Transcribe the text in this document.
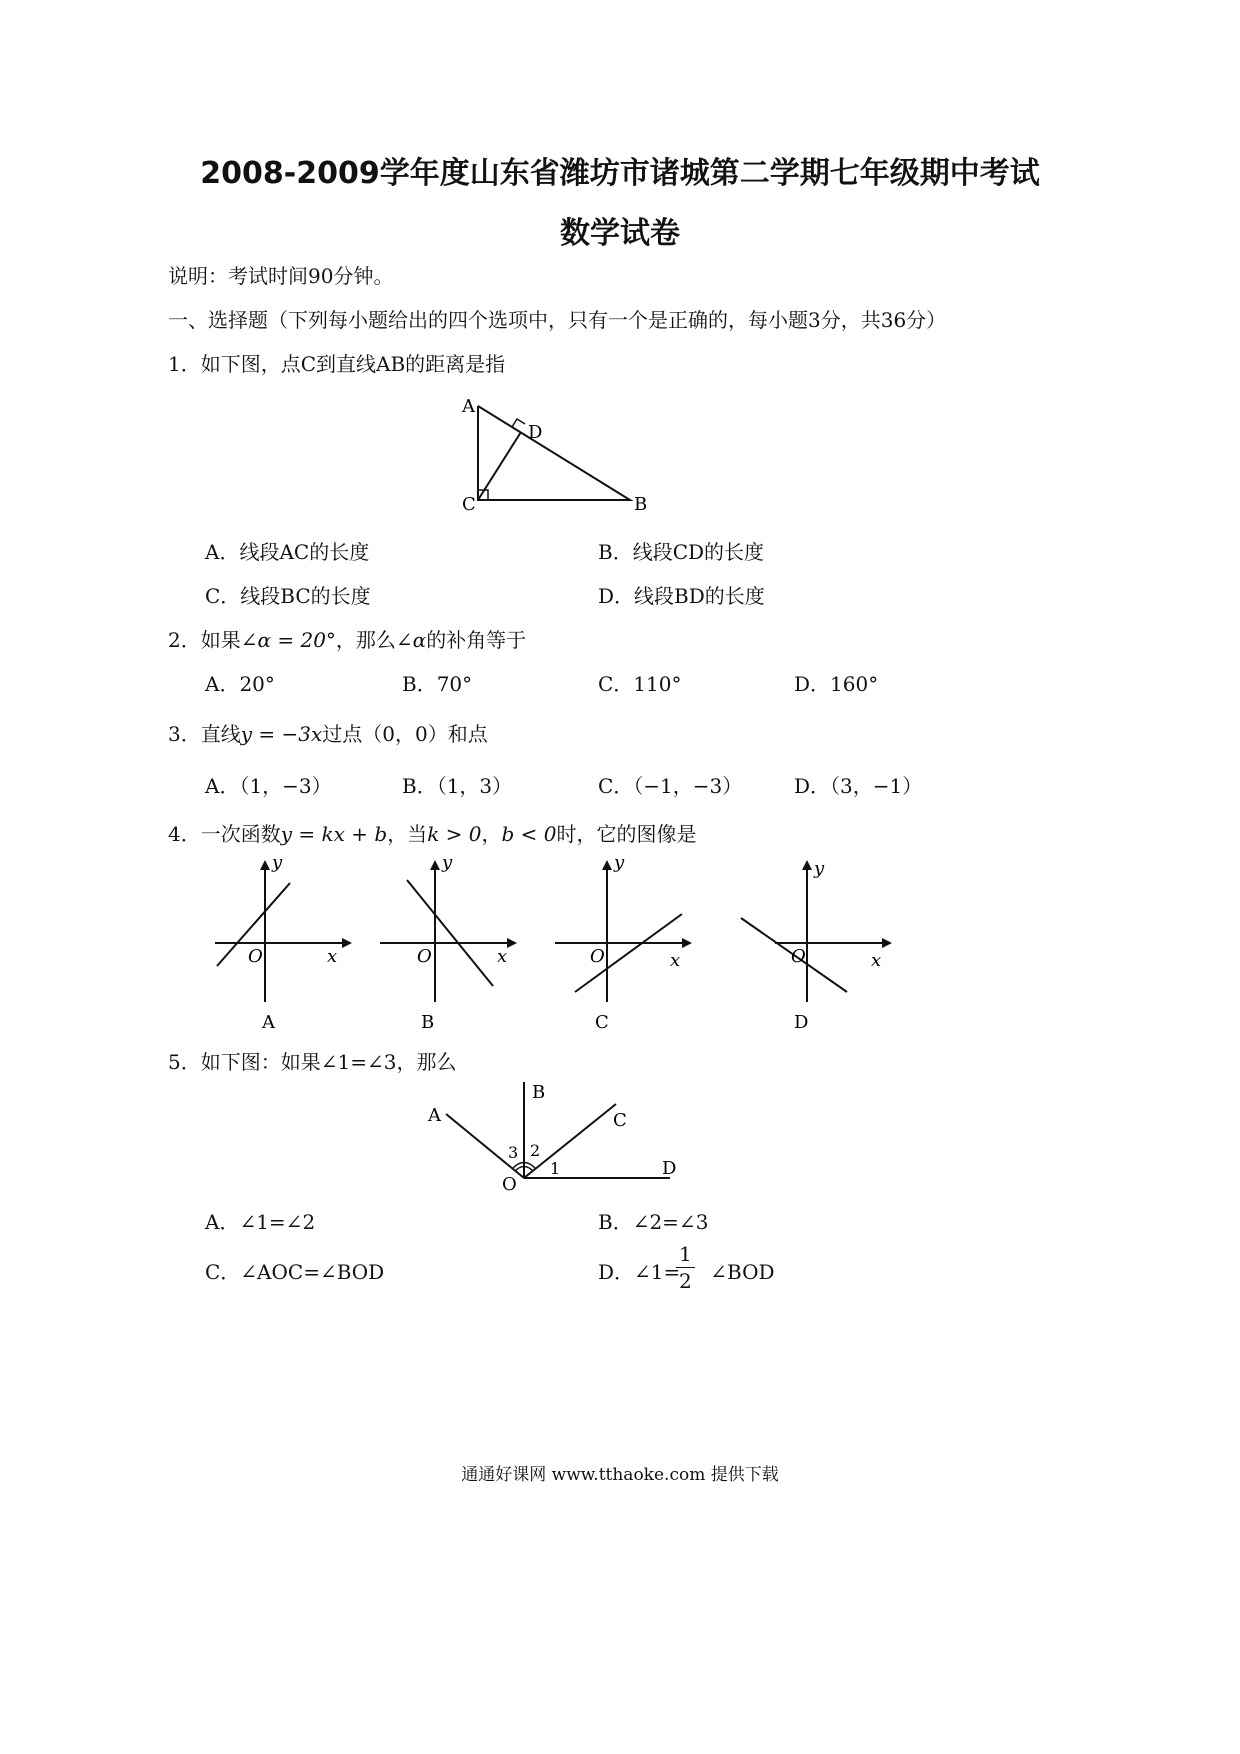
2008-2009学年度山东省潍坊市诸城第二学期七年级期中考试
数学试卷
说明：考试时间90分钟。
一、选择题（下列每小题给出的四个选项中，只有一个是正确的，每小题3分，共36分）
1．如下图，点C到直线AB的距离是指
A
D
C	B
A．线段AC的长度	B．线段CD的长度
C．线段BC的长度	D．线段BD的长度
2．如果∠α = 20°，那么∠α的补角等于
A．20°	B．70°	C．110°	D．160°
3．直线y = −3x过点（0，0）和点
A．（1，−3）	B．（1，3）	C．（−1，−3）	D．（3，−1）
4．一次函数y = kx + b，当k > 0，b < 0时，它的图像是
y
x
O
A
y
x
O
B
y
x
O
C
y
x
O
D
5．如下图：如果∠1=∠3，那么
A
B
C
D
O
1
2
3
A．∠1=∠2	B．∠2=∠3
C．∠AOC=∠BOD	D．∠1= ∠BOD
$\frac{1}{2}$
通通好课网 www.tthaoke.com 提供下载
